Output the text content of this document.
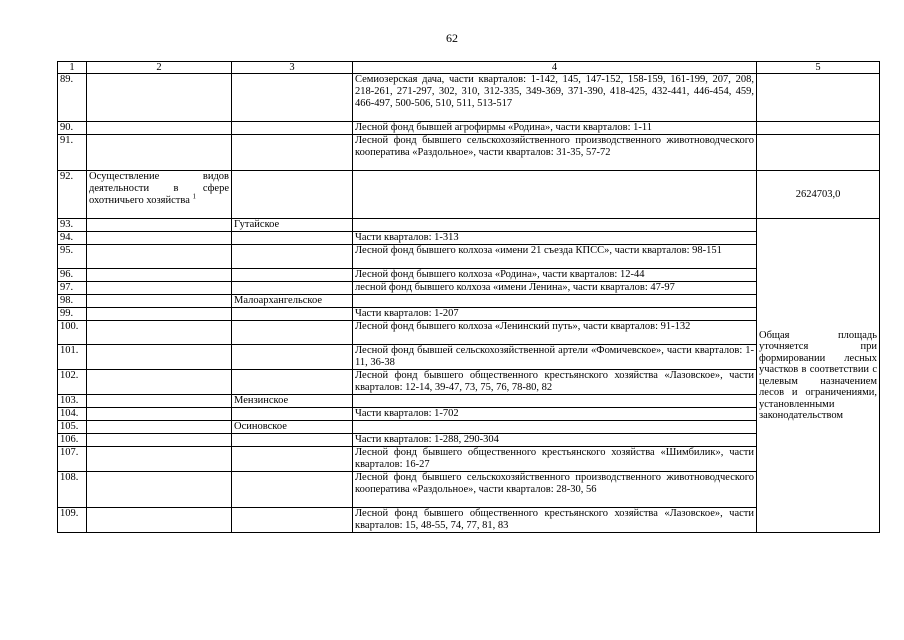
62
1	2	3	4	5
89.			Семиозерская дача, части кварталов: 1-142, 145, 147-152, 158-159, 161-199, 207, 208, 218-261, 271-297, 302, 310, 312-335, 349-369, 371-390, 418-425, 432-441, 446-454, 459, 466-497, 500-506, 510, 511, 513-517	
90.			Лесной фонд бывшей агрофирмы «Родина», части кварталов: 1-11	
91.			Лесной фонд бывшего сельскохозяйственного производственного животноводческого кооператива «Раздольное», части кварталов: 31-35, 57-72	
92.	Осуществление видов деятельности в сфере охотничьего хозяйства $^1$			2624703,0
93.		Гутайское		Общая площадь уточняется при формировании лесных участков в соответствии с целевым назначением лесов и ограничениями, установленными законодательством
94.			Части кварталов: 1-313	
95.			Лесной фонд бывшего колхоза «имени 21 съезда КПСС», части кварталов: 98-151	
96.			Лесной фонд бывшего колхоза «Родина», части кварталов: 12-44	
97.			лесной фонд бывшего колхоза «имени Ленина», части кварталов: 47-97	
98.		Малоархангельское		
99.			Части кварталов: 1-207	
100.			Лесной фонд бывшего колхоза «Ленинский путь», части кварталов: 91-132	
101.			Лесной фонд бывшей сельскохозяйственной артели «Фомичевское», части кварталов: 1-11, 36-38	
102.			Лесной фонд бывшего общественного крестьянского хозяйства «Лазовское», части кварталов: 12-14, 39-47, 73, 75, 76, 78-80, 82	
103.		Мензинское		
104.			Части кварталов: 1-702	
105.		Осиновское		
106.			Части кварталов: 1-288, 290-304	
107.			Лесной фонд бывшего общественного крестьянского хозяйства «Шимбилик», части кварталов: 16-27	
108.			Лесной фонд бывшего сельскохозяйственного производственного животноводческого кооператива «Раздольное», части кварталов: 28-30, 56	
109.			Лесной фонд бывшего общественного крестьянского хозяйства «Лазовское», части кварталов: 15, 48-55, 74, 77, 81, 83	
